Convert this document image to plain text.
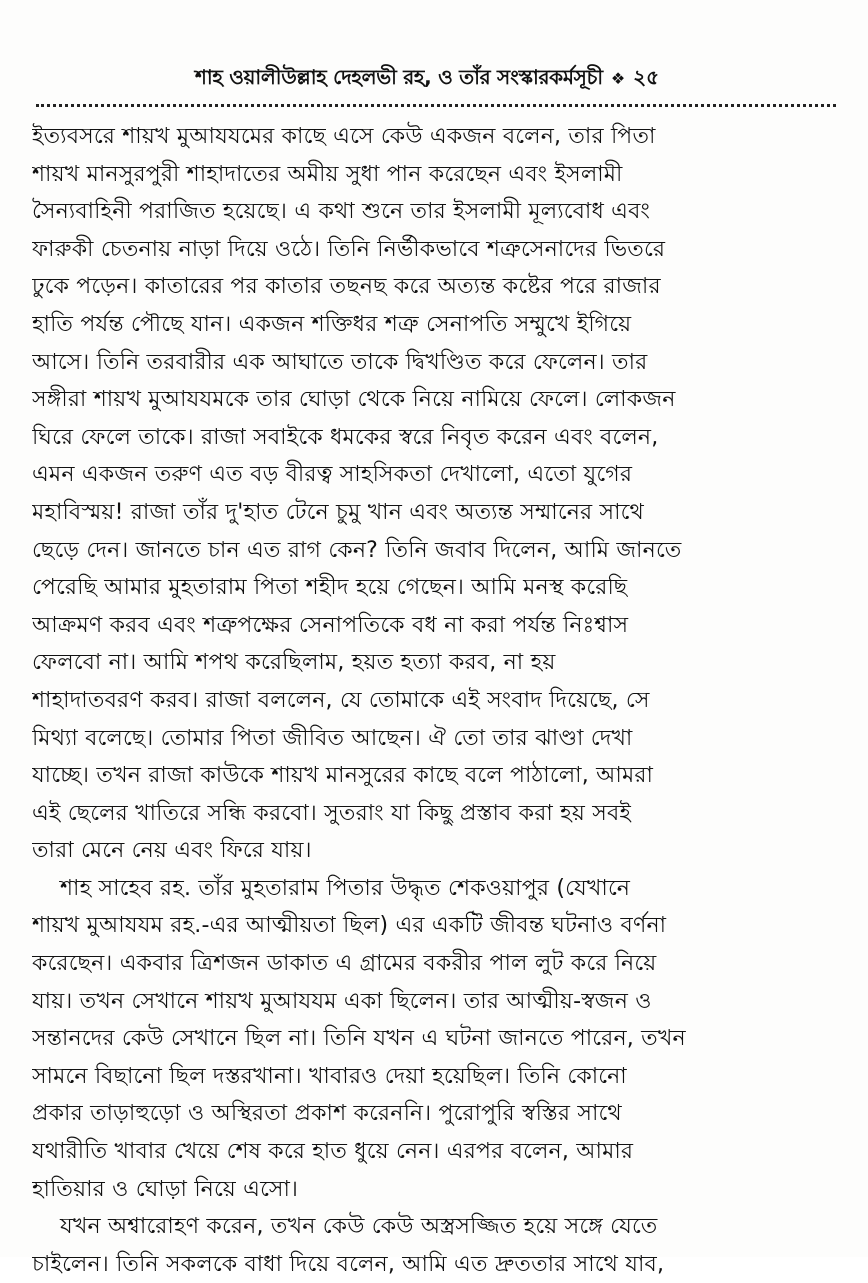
শাহ ওয়ালীউল্লাহ দেহলভী রহ, ও তাঁর সংস্কারকর্মসূচী ❖ ২৫
ইত্যবসরে শায়খ মুআযযমের কাছে এসে কেউ একজন বলেন, তার পিতা
শায়খ মানসুরপুরী শাহাদাতের অমীয় সুধা পান করেছেন এবং ইসলামী
সৈন্যবাহিনী পরাজিত হয়েছে। এ কথা শুনে তার ইসলামী মূল্যবোধ এবং
ফারুকী চেতনায় নাড়া দিয়ে ওঠে। তিনি নির্ভীকভাবে শত্রুসেনাদের ভিতরে
ঢুকে পড়েন। কাতারের পর কাতার তছনছ করে অত্যন্ত কষ্টের পরে রাজার
হাতি পর্যন্ত পৌছে যান। একজন শক্তিধর শত্রু সেনাপতি সম্মুখে ইগিয়ে
আসে। তিনি তরবারীর এক আঘাতে তাকে দ্বিখণ্ডিত করে ফেলেন। তার
সঙ্গীরা শায়খ মুআযযমকে তার ঘোড়া থেকে নিয়ে নামিয়ে ফেলে। লোকজন
ঘিরে ফেলে তাকে। রাজা সবাইকে ধমকের স্বরে নিবৃত করেন এবং বলেন,
এমন একজন তরুণ এত বড় বীরত্ব সাহসিকতা দেখালো, এতো যুগের
মহাবিস্ময়! রাজা তাঁর দু'হাত টেনে চুমু খান এবং অত্যন্ত সম্মানের সাথে
ছেড়ে দেন। জানতে চান এত রাগ কেন? তিনি জবাব দিলেন, আমি জানতে
পেরেছি আমার মুহতারাম পিতা শহীদ হয়ে গেছেন। আমি মনস্থ করেছি
আক্রমণ করব এবং শত্রুপক্ষের সেনাপতিকে বধ না করা পর্যন্ত নিঃশ্বাস
ফেলবো না। আমি শপথ করেছিলাম, হয়ত হত্যা করব, না হয়
শাহাদাতবরণ করব। রাজা বললেন, যে তোমাকে এই সংবাদ দিয়েছে, সে
মিথ্যা বলেছে। তোমার পিতা জীবিত আছেন। ঐ তো তার ঝাণ্ডা দেখা
যাচ্ছে। তখন রাজা কাউকে শায়খ মানসুরের কাছে বলে পাঠালো, আমরা
এই ছেলের খাতিরে সন্ধি করবো। সুতরাং যা কিছু প্রস্তাব করা হয় সবই
তারা মেনে নেয় এবং ফিরে যায়।
শাহ সাহেব রহ. তাঁর মুহতারাম পিতার উদ্ধৃত শেকওয়াপুর (যেখানে
শায়খ মুআযযম রহ.-এর আত্মীয়তা ছিল) এর একটি জীবন্ত ঘটনাও বর্ণনা
করেছেন। একবার ত্রিশজন ডাকাত এ গ্রামের বকরীর পাল লুট করে নিয়ে
যায়। তখন সেখানে শায়খ মুআযযম একা ছিলেন। তার আত্মীয়-স্বজন ও
সন্তানদের কেউ সেখানে ছিল না। তিনি যখন এ ঘটনা জানতে পারেন, তখন
সামনে বিছানো ছিল দস্তরখানা। খাবারও দেয়া হয়েছিল। তিনি কোনো
প্রকার তাড়াহুড়ো ও অস্থিরতা প্রকাশ করেননি। পুরোপুরি স্বস্তির সাথে
যথারীতি খাবার খেয়ে শেষ করে হাত ধুয়ে নেন। এরপর বলেন, আমার
হাতিয়ার ও ঘোড়া নিয়ে এসো।
যখন অশ্বারোহণ করেন, তখন কেউ কেউ অস্ত্রসজ্জিত হয়ে সঙ্গে যেতে
চাইলেন। তিনি সকলকে বাধা দিয়ে বলেন, আমি এত দ্রুততার সাথে যাব,
